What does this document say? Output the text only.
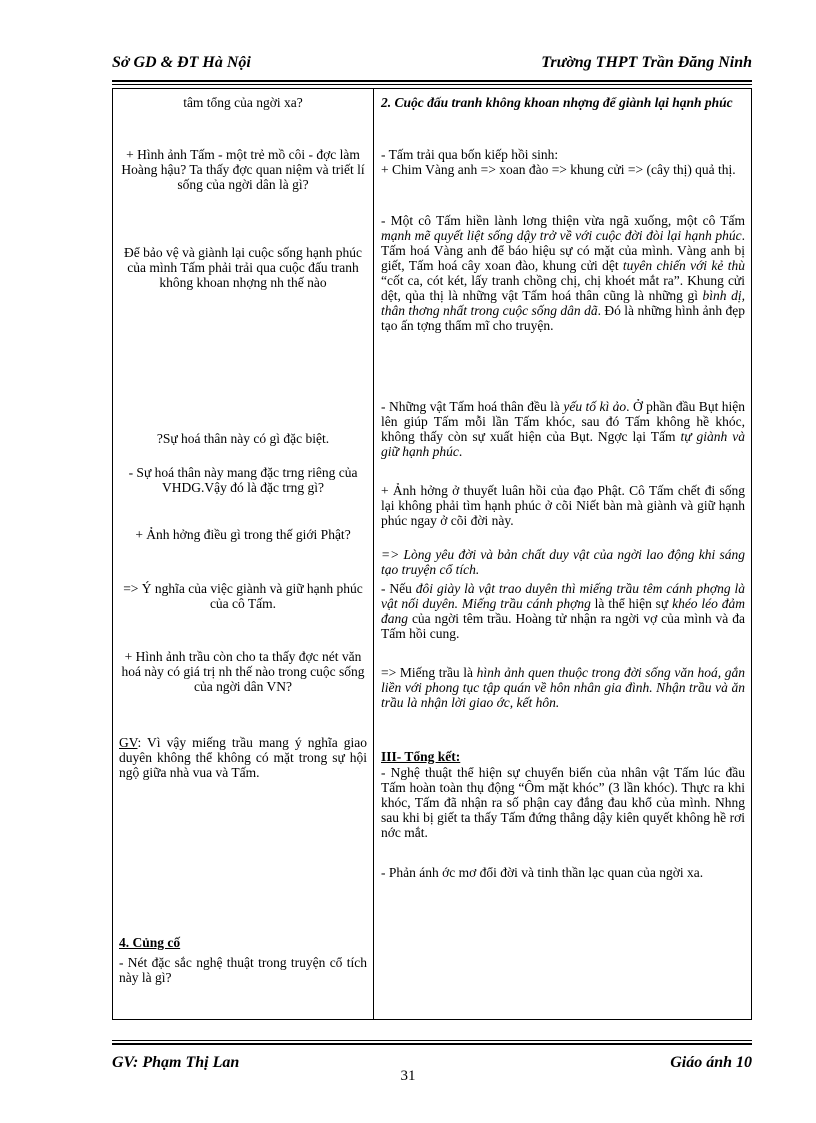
Sở GD & ĐT Hà Nội	Trường THPT Trần Đăng Ninh
tâm tổng của ngời xa?
+ Hình ảnh Tấm - một trẻ mồ côi - đợc làm Hoàng hậu? Ta thấy đợc quan niệm và triết lí sống của ngời dân là gì?
Để bảo vệ và giành lại cuộc sống hạnh phúc của mình Tấm phải trải qua cuộc đấu tranh không khoan nhợng nh thế nào
?Sự hoá thân này có gì đặc biệt.
- Sự hoá thân này mang đặc trng riêng của VHDG.Vậy đó là đặc trng gì?
+ Ảnh hởng điều gì trong thế giới Phật?
=> Ý nghĩa của việc giành và giữ hạnh phúc của cô Tấm.
+ Hình ảnh trầu còn cho ta thấy đợc nét văn hoá này có giá trị nh thế nào trong cuộc sống của ngời dân VN?
GV: Vì vậy miếng trầu mang ý nghĩa giao duyên không thể không có mặt trong sự hội ngộ giữa nhà vua và Tấm.
4. Củng cố
- Nét đặc sắc nghệ thuật trong truyện cổ tích này là gì?
2. Cuộc đấu tranh không khoan nhợng để giành lại hạnh phúc
- Tấm trải qua bốn kiếp hồi sinh:
+ Chim Vàng anh => xoan đào => khung cửi => (cây thị) quả thị.
- Một cô Tấm hiền lành lơng thiện vừa ngã xuống, một cô Tấm mạnh mẽ quyết liệt sống dậy trở về với cuộc đời đòi lại hạnh phúc. Tấm hoá Vàng anh để báo hiệu sự có mặt của mình. Vàng anh bị giết, Tấm hoá cây xoan đào, khung cửi dệt tuyên chiến với kẻ thù “cốt ca, cót két, lấy tranh chồng chị, chị khoét mắt ra”. Khung cửi dệt, qủa thị là những vật Tấm hoá thân cũng là những gì bình dị, thân thơng nhất trong cuộc sống dân dã. Đó là những hình ảnh đẹp tạo ấn tợng thẩm mĩ cho truyện.
- Những vật Tấm hoá thân đều là yếu tố kì ảo. Ở phần đầu Bụt hiện lên giúp Tấm mỗi lần Tấm khóc, sau đó Tấm không hề khóc, không thấy còn sự xuất hiện của Bụt. Ngợc lại Tấm tự giành và giữ hạnh phúc.
+ Ảnh hởng ở thuyết luân hồi của đạo Phật. Cô Tấm chết đi sống lại không phải tìm hạnh phúc ở cõi Niết bàn mà giành và giữ hạnh phúc ngay ở cõi đời này.
=> Lòng yêu đời và bản chất duy vật của ngời lao động khi sáng tạo truyện cổ tích.
- Nếu đôi giày là vật trao duyên thì miếng trầu têm cánh phợng là vật nối duyên. Miếng trầu cánh phợng là thể hiện sự khéo léo đảm đang của ngời têm trầu. Hoàng tử nhận ra ngời vợ của mình và đa Tấm hồi cung.
=> Miếng trầu là hình ảnh quen thuộc trong đời sống văn hoá, gắn liền với phong tục tập quán về hôn nhân gia đình. Nhận trầu và ăn trầu là nhận lời giao ớc, kết hôn.
III- Tổng kết:
- Nghệ thuật thể hiện sự chuyển biến của nhân vật Tấm lúc đầu Tấm hoàn toàn thụ động “Ôm mặt khóc” (3 lần khóc). Thực ra khi khóc, Tấm đã nhận ra số phận cay đắng đau khổ của mình. Nhng sau khi bị giết ta thấy Tấm đứng thẳng dậy kiên quyết không hề rơi nớc mắt.
- Phản ánh ớc mơ đổi đời và tinh thần lạc quan của ngời xa.
GV: Phạm Thị Lan	Giáo ánh 10
31
